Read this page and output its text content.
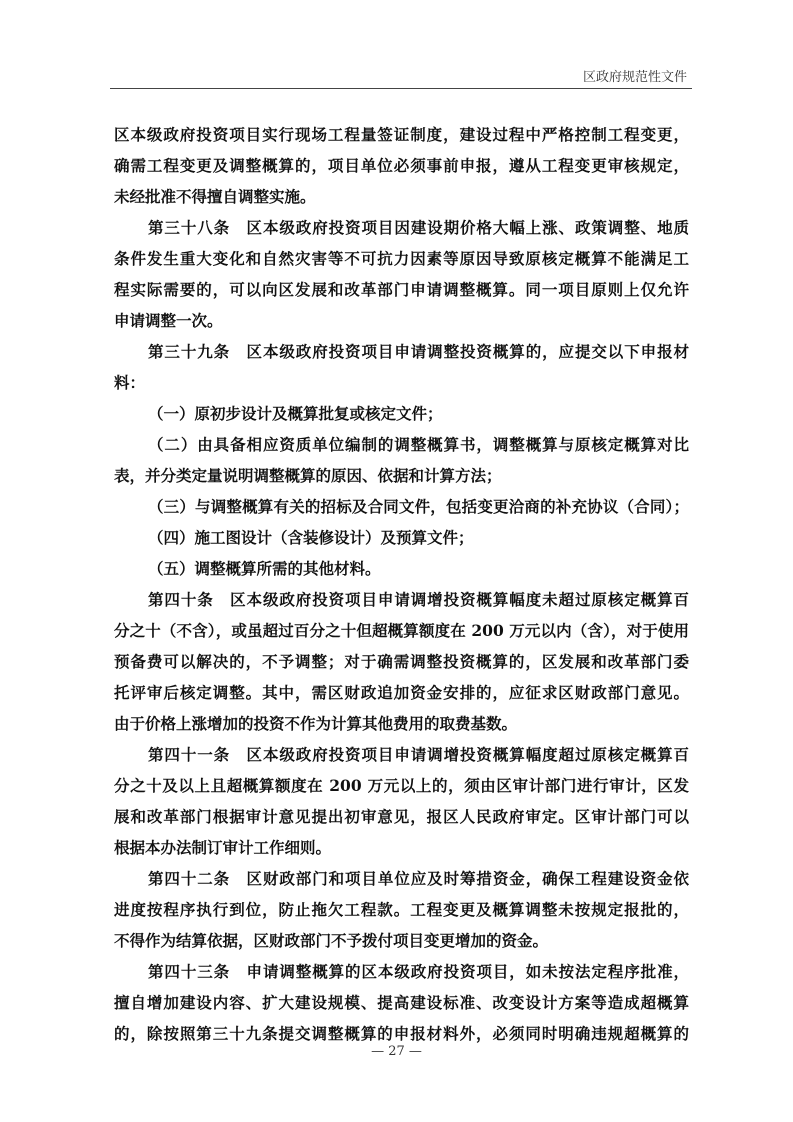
区政府规范性文件
区本级政府投资项目实行现场工程量签证制度，建设过程中严格控制工程变更，
确需工程变更及调整概算的，项目单位必须事前申报，遵从工程变更审核规定，
未经批准不得擅自调整实施。
第三十八条　区本级政府投资项目因建设期价格大幅上涨、政策调整、地质
条件发生重大变化和自然灾害等不可抗力因素等原因导致原核定概算不能满足工
程实际需要的，可以向区发展和改革部门申请调整概算。同一项目原则上仅允许
申请调整一次。
第三十九条　区本级政府投资项目申请调整投资概算的，应提交以下申报材
料：
（一）原初步设计及概算批复或核定文件；
（二）由具备相应资质单位编制的调整概算书，调整概算与原核定概算对比
表，并分类定量说明调整概算的原因、依据和计算方法；
（三）与调整概算有关的招标及合同文件，包括变更洽商的补充协议（合同）；
（四）施工图设计（含装修设计）及预算文件；
（五）调整概算所需的其他材料。
第四十条　区本级政府投资项目申请调增投资概算幅度未超过原核定概算百
分之十（不含），或虽超过百分之十但超概算额度在 200 万元以内（含），对于使用
预备费可以解决的，不予调整；对于确需调整投资概算的，区发展和改革部门委
托评审后核定调整。其中，需区财政追加资金安排的，应征求区财政部门意见。
由于价格上涨增加的投资不作为计算其他费用的取费基数。
第四十一条　区本级政府投资项目申请调增投资概算幅度超过原核定概算百
分之十及以上且超概算额度在 200 万元以上的，须由区审计部门进行审计，区发
展和改革部门根据审计意见提出初审意见，报区人民政府审定。区审计部门可以
根据本办法制订审计工作细则。
第四十二条　区财政部门和项目单位应及时筹措资金，确保工程建设资金依
进度按程序执行到位，防止拖欠工程款。工程变更及概算调整未按规定报批的，
不得作为结算依据，区财政部门不予拨付项目变更增加的资金。
第四十三条　申请调整概算的区本级政府投资项目，如未按法定程序批准，
擅自增加建设内容、扩大建设规模、提高建设标准、改变设计方案等造成超概算
的，除按照第三十九条提交调整概算的申报材料外，必须同时明确违规超概算的
— 27 —
